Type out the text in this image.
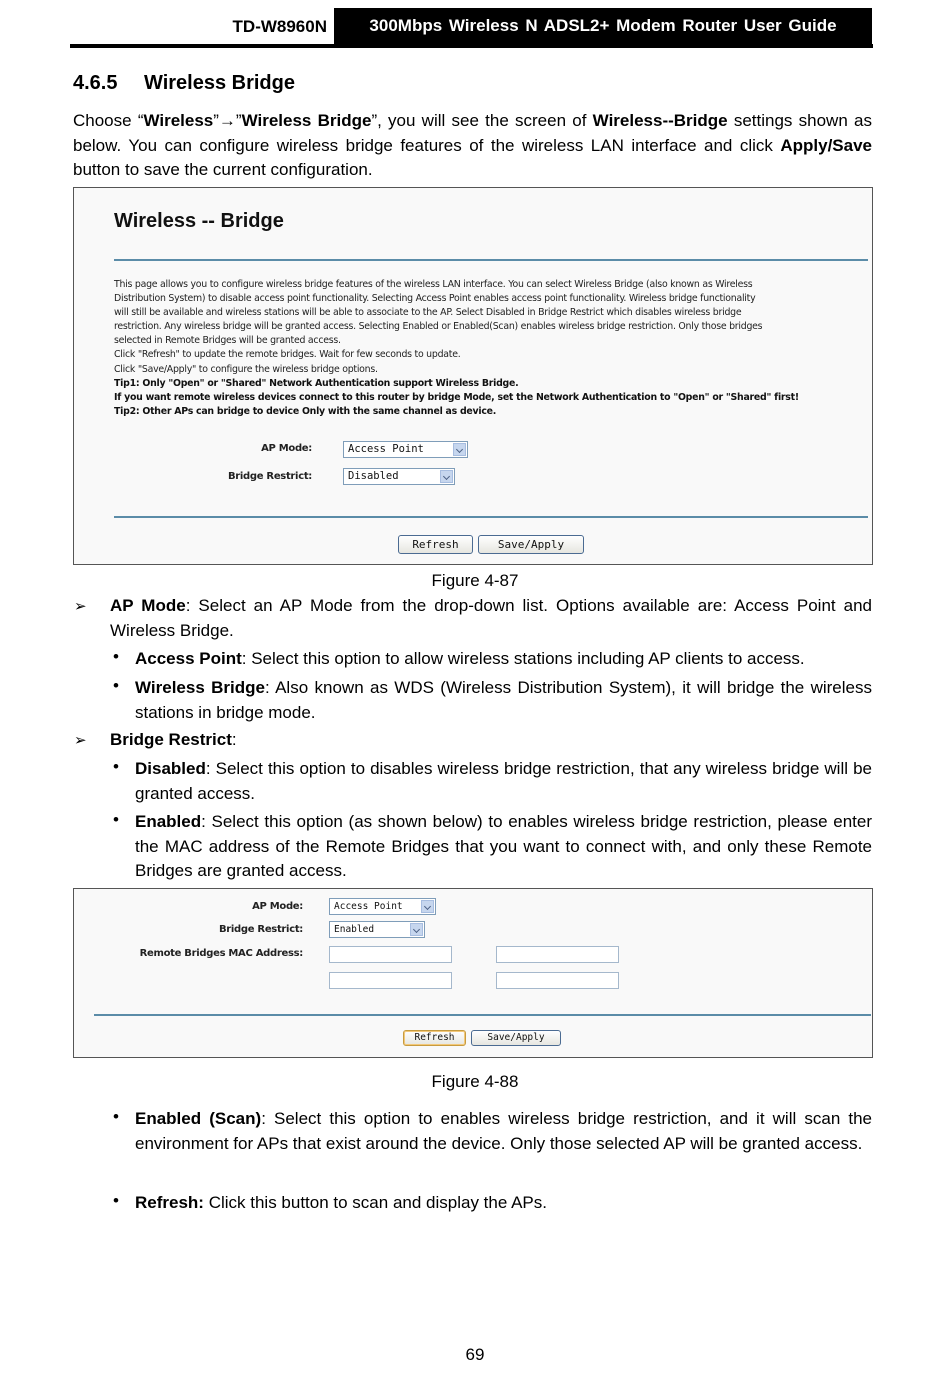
TD-W8960N	300Mbps Wireless N ADSL2+ Modem Router User Guide
4.6.5 Wireless Bridge
Choose “Wireless”→”Wireless Bridge”, you will see the screen of Wireless--Bridge settings shown as below. You can configure wireless bridge features of the wireless LAN interface and click Apply/Save button to save the current configuration.
Wireless -- Bridge
This page allows you to configure wireless bridge features of the wireless LAN interface. You can select Wireless Bridge (also known as Wireless
Distribution System) to disable access point functionality. Selecting Access Point enables access point functionality. Wireless bridge functionality
will still be available and wireless stations will be able to associate to the AP. Select Disabled in Bridge Restrict which disables wireless bridge
restriction. Any wireless bridge will be granted access. Selecting Enabled or Enabled(Scan) enables wireless bridge restriction. Only those bridges
selected in Remote Bridges will be granted access.
Click "Refresh" to update the remote bridges. Wait for few seconds to update.
Click "Save/Apply" to configure the wireless bridge options.
Tip1: Only "Open" or "Shared" Network Authentication support Wireless Bridge.
If you want remote wireless devices connect to this router by bridge Mode, set the Network Authentication to "Open" or "Shared" first!
Tip2: Other APs can bridge to device Only with the same channel as device.
AP Mode:	Access Point
Bridge Restrict:	Disabled
Refresh	Save/Apply
Figure 4-87
➢ AP Mode: Select an AP Mode from the drop-down list. Options available are: Access Point and Wireless Bridge.
• Access Point: Select this option to allow wireless stations including AP clients to access.
• Wireless Bridge: Also known as WDS (Wireless Distribution System), it will bridge the wireless stations in bridge mode.
➢ Bridge Restrict:
• Disabled: Select this option to disables wireless bridge restriction, that any wireless bridge will be granted access.
• Enabled: Select this option (as shown below) to enables wireless bridge restriction, please enter the MAC address of the Remote Bridges that you want to connect with, and only these Remote Bridges are granted access.
AP Mode:	Access Point
Bridge Restrict:	Enabled
Remote Bridges MAC Address:
Refresh	Save/Apply
Figure 4-88
• Enabled (Scan): Select this option to enables wireless bridge restriction, and it will scan the environment for APs that exist around the device. Only those selected AP will be granted access.
• Refresh: Click this button to scan and display the APs.
69
